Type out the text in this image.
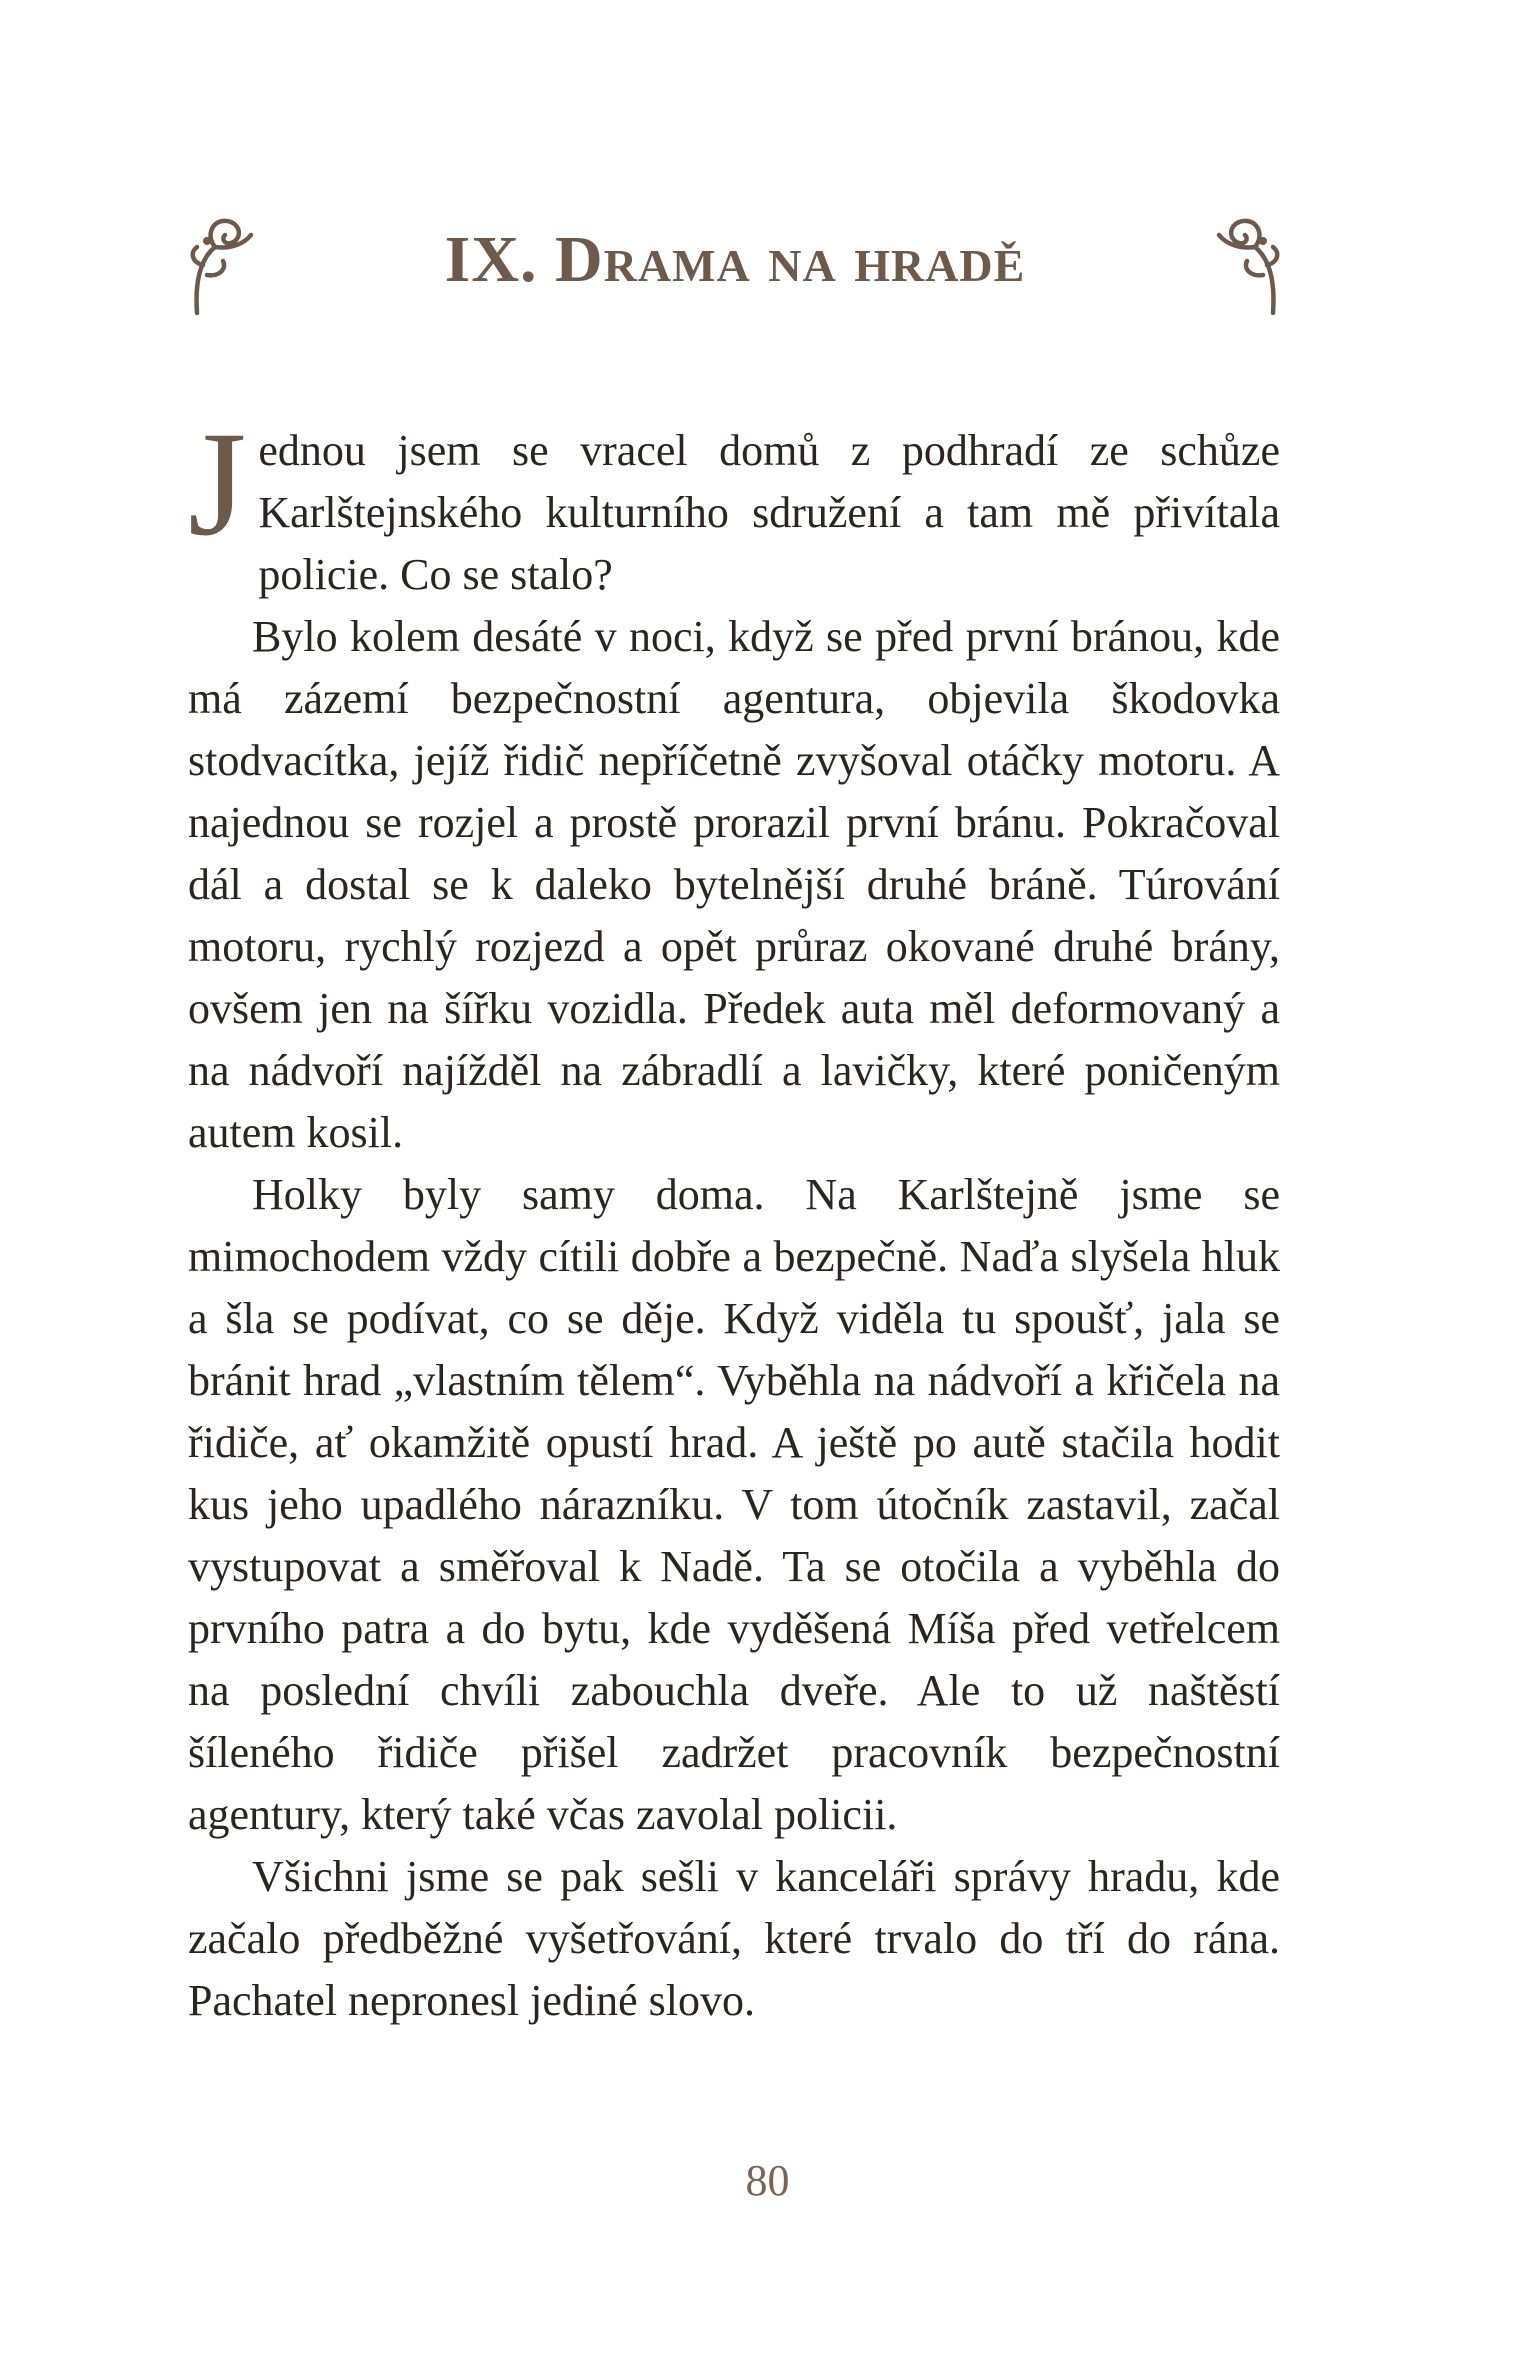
IX. Drama na hradě

Jednou jsem se vracel domů z podhradí ze schůze Karlštejnského kulturního sdružení a tam mě přivítala policie. Co se stalo?

Bylo kolem desáté v noci, když se před první bránou, kde má zázemí bezpečnostní agentura, objevila škodovka stodvacítka, jejíž řidič nepříčetně zvyšoval otáčky motoru. A najednou se rozjel a prostě prorazil první bránu. Pokračoval dál a dostal se k daleko bytelnější druhé bráně. Túrování motoru, rychlý rozjezd a opět průraz okované druhé brány, ovšem jen na šířku vozidla. Předek auta měl deformovaný a na nádvoří najížděl na zábradlí a lavičky, které poničeným autem kosil.

Holky byly samy doma. Na Karlštejně jsme se mimochodem vždy cítili dobře a bezpečně. Naďa slyšela hluk a šla se podívat, co se děje. Když viděla tu spoušť, jala se bránit hrad „vlastním tělem“. Vyběhla na nádvoří a křičela na řidiče, ať okamžitě opustí hrad. A ještě po autě stačila hodit kus jeho upadlého nárazníku. V tom útočník zastavil, začal vystupovat a směřoval k Nadě. Ta se otočila a vyběhla do prvního patra a do bytu, kde vyděšená Míša před vetřelcem na poslední chvíli zabouchla dveře. Ale to už naštěstí šíleného řidiče přišel zadržet pracovník bezpečnostní agentury, který také včas zavolal policii.

Všichni jsme se pak sešli v kanceláři správy hradu, kde začalo předběžné vyšetřování, které trvalo do tří do rána. Pachatel nepronesl jediné slovo.

80
